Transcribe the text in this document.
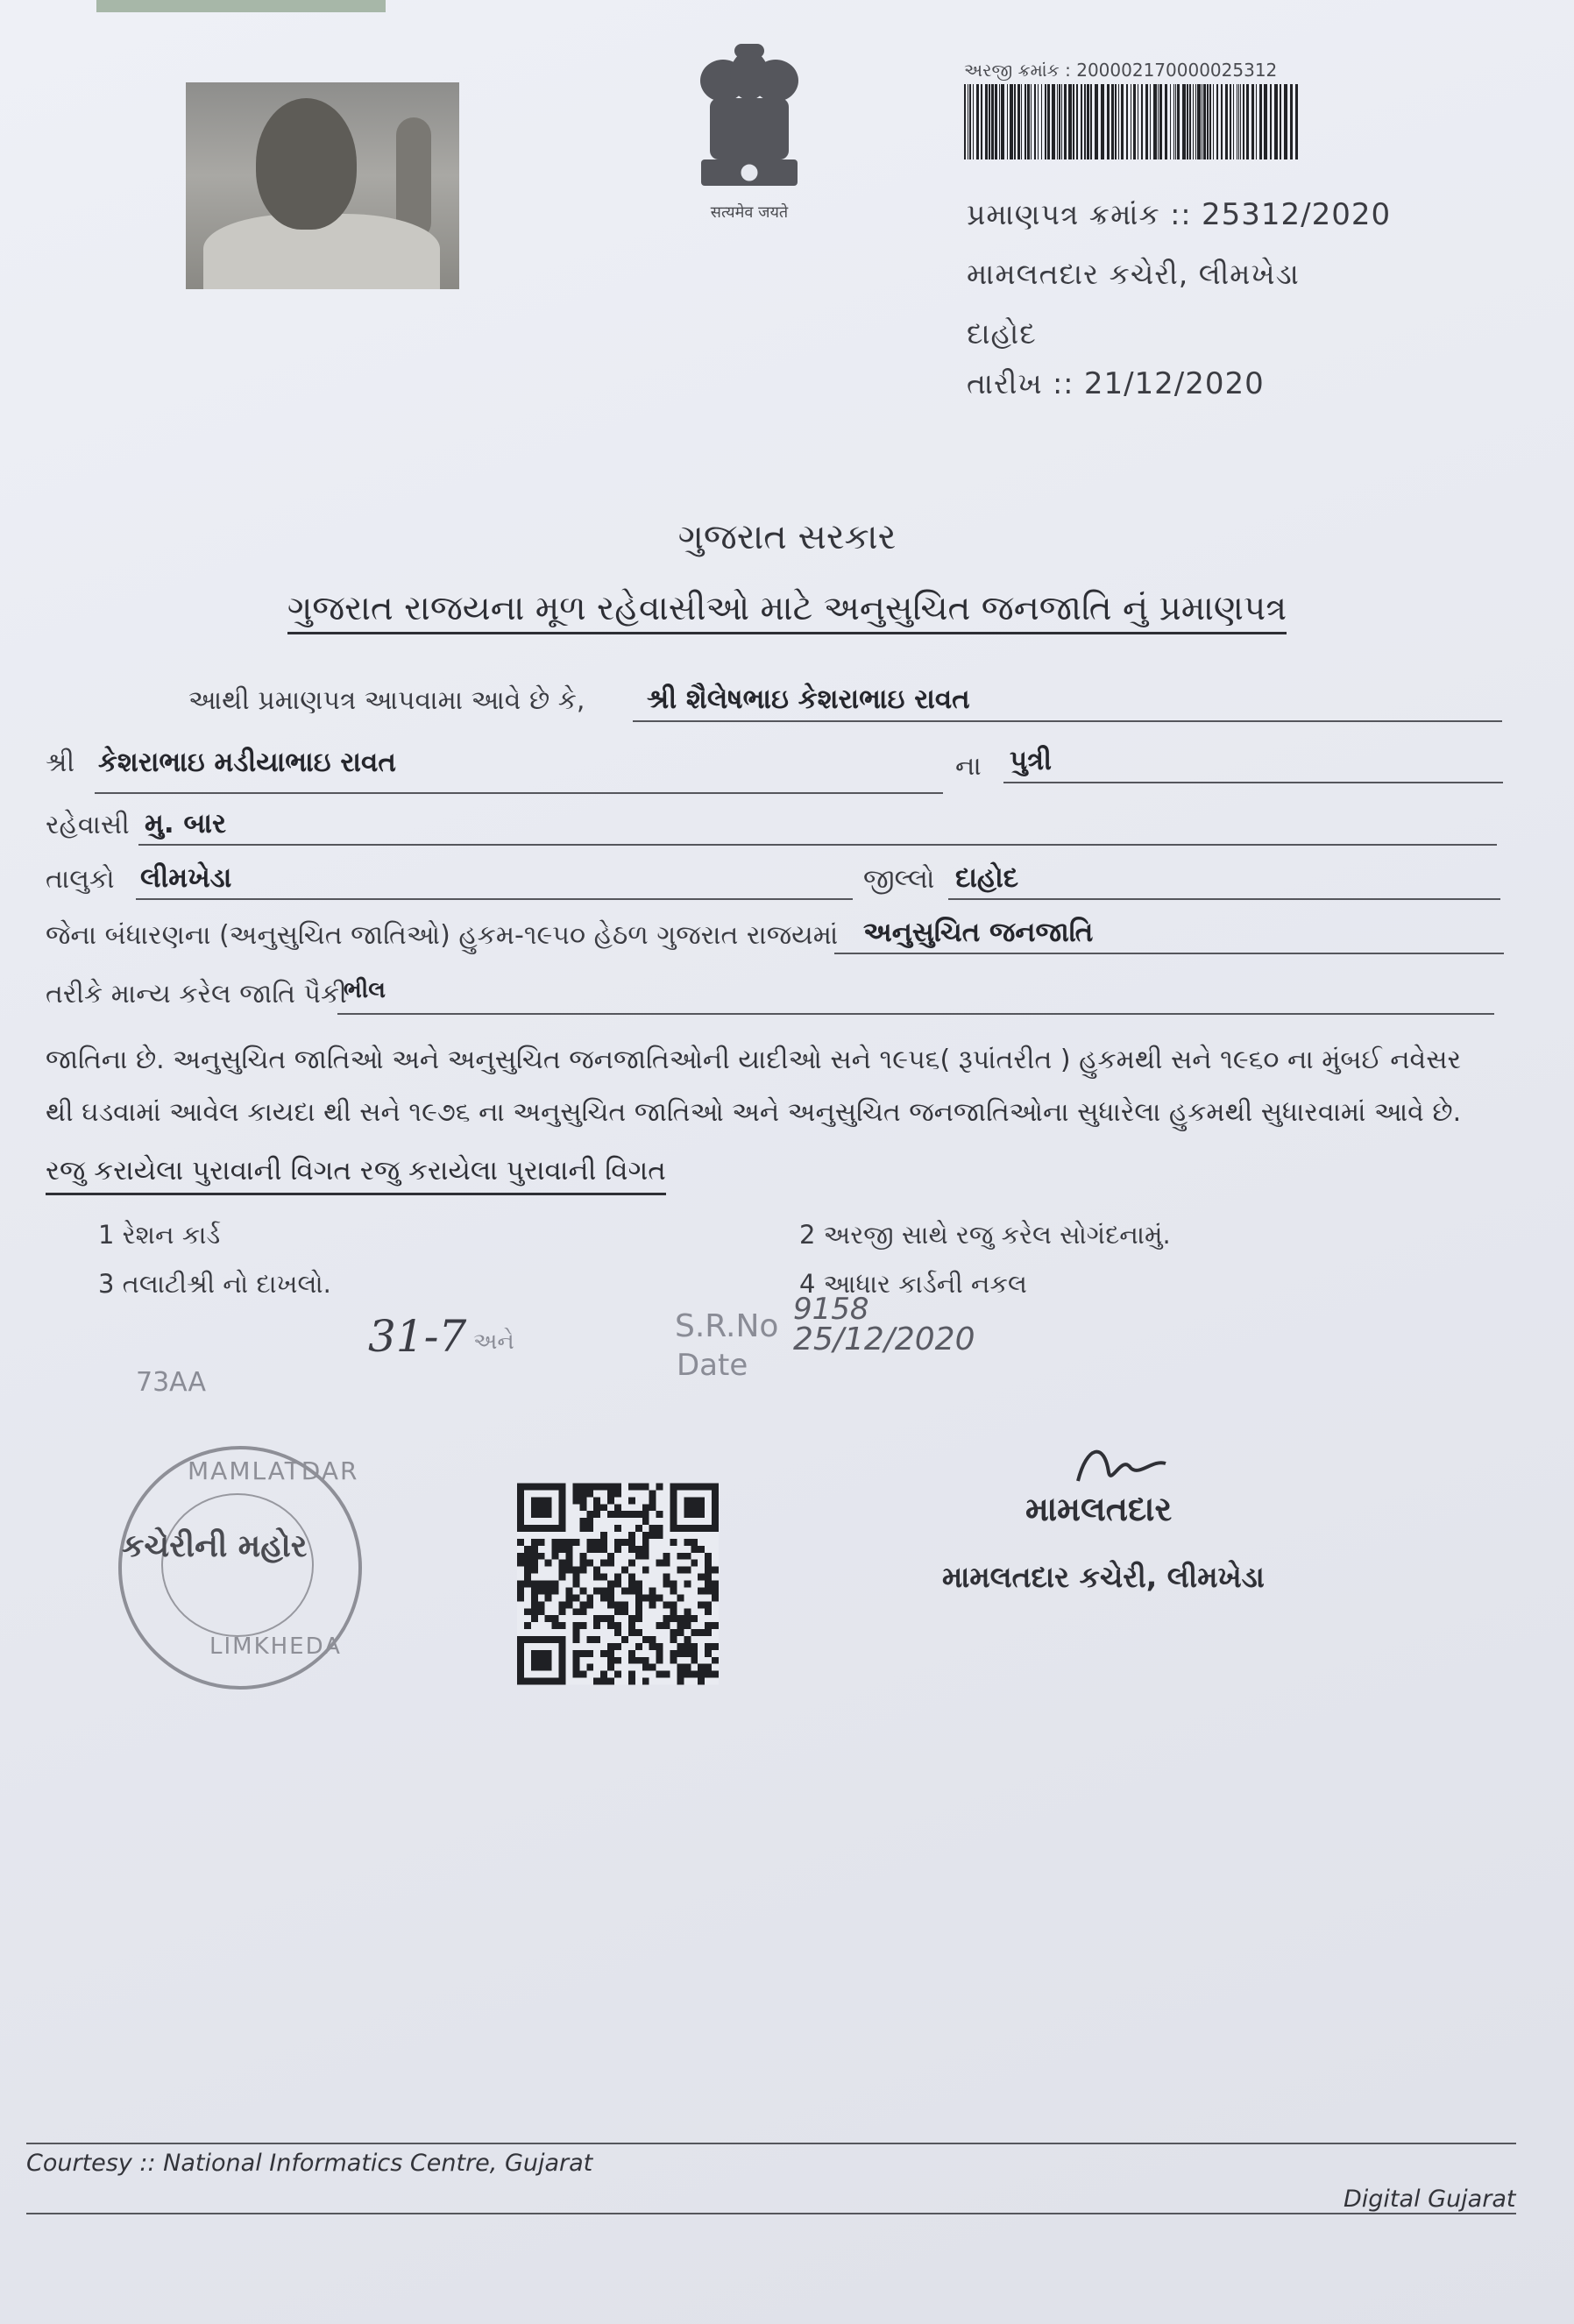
सत्यमेव जयते
અરજી ક્રમાંક : 200002170000025312
પ્રમાણપત્ર ક્રમાંક :: 25312/2020
મામલતદાર કચેરી, લીમખેડા
દાહોદ
તારીખ :: 21/12/2020
ગુજરાત સરકાર
ગુજરાત રાજયના મૂળ રહેવાસીઓ માટે અનુસુચિત જનજાતિ નું પ્રમાણપત્ર
આથી પ્રમાણપત્ર આપવામા આવે છે કે, શ્રી શૈલેષભાઇ કેશરાભાઇ રાવત
શ્રી કેશરાભાઇ મડીયાભાઇ રાવત	ના પુત્રી
રહેવાસી મુ. બાર
તાલુકો લીમખેડા	જીલ્લો દાહોદ
જેના બંધારણના (અનુસુચિત જાતિઓ) હુકમ-૧૯૫૦ હેઠળ ગુજરાત રાજયમાં અનુસુચિત જનજાતિ
તરીકે માન્ય કરેલ જાતિ પૈકી
ભીલ
જાતિના છે. અનુસુચિત જાતિઓ અને અનુસુચિત જનજાતિઓની યાદીઓ સને ૧૯૫૬( રૂપાંતરીત ) હુકમથી સને ૧૯૬૦ ના મુંબઈ નવેસર
થી ઘડવામાં આવેલ કાયદા થી સને ૧૯૭૬ ના અનુસુચિત જાતિઓ અને અનુસુચિત જનજાતિઓના સુધારેલા હુકમથી સુધારવામાં આવે છે.
રજુ કરાયેલા પુરાવાની વિગત રજુ કરાયેલા પુરાવાની વિગત
1 રેશન કાર્ડ	2 અરજી સાથે રજુ કરેલ સોગંદનામું.
3 તલાટીશ્રી નો દાખલો.	4 આધાર કાર્ડની નકલ
73AA
31-7 અને	S.R.No 9158
Date
25/12/2020
MAMLATDAR
કચેરીની મહોર
LIMKHEDA
મામલતદાર
મામલતદાર કચેરી, લીમખેડા
Courtesy :: National Informatics Centre, Gujarat
Digital Gujarat
